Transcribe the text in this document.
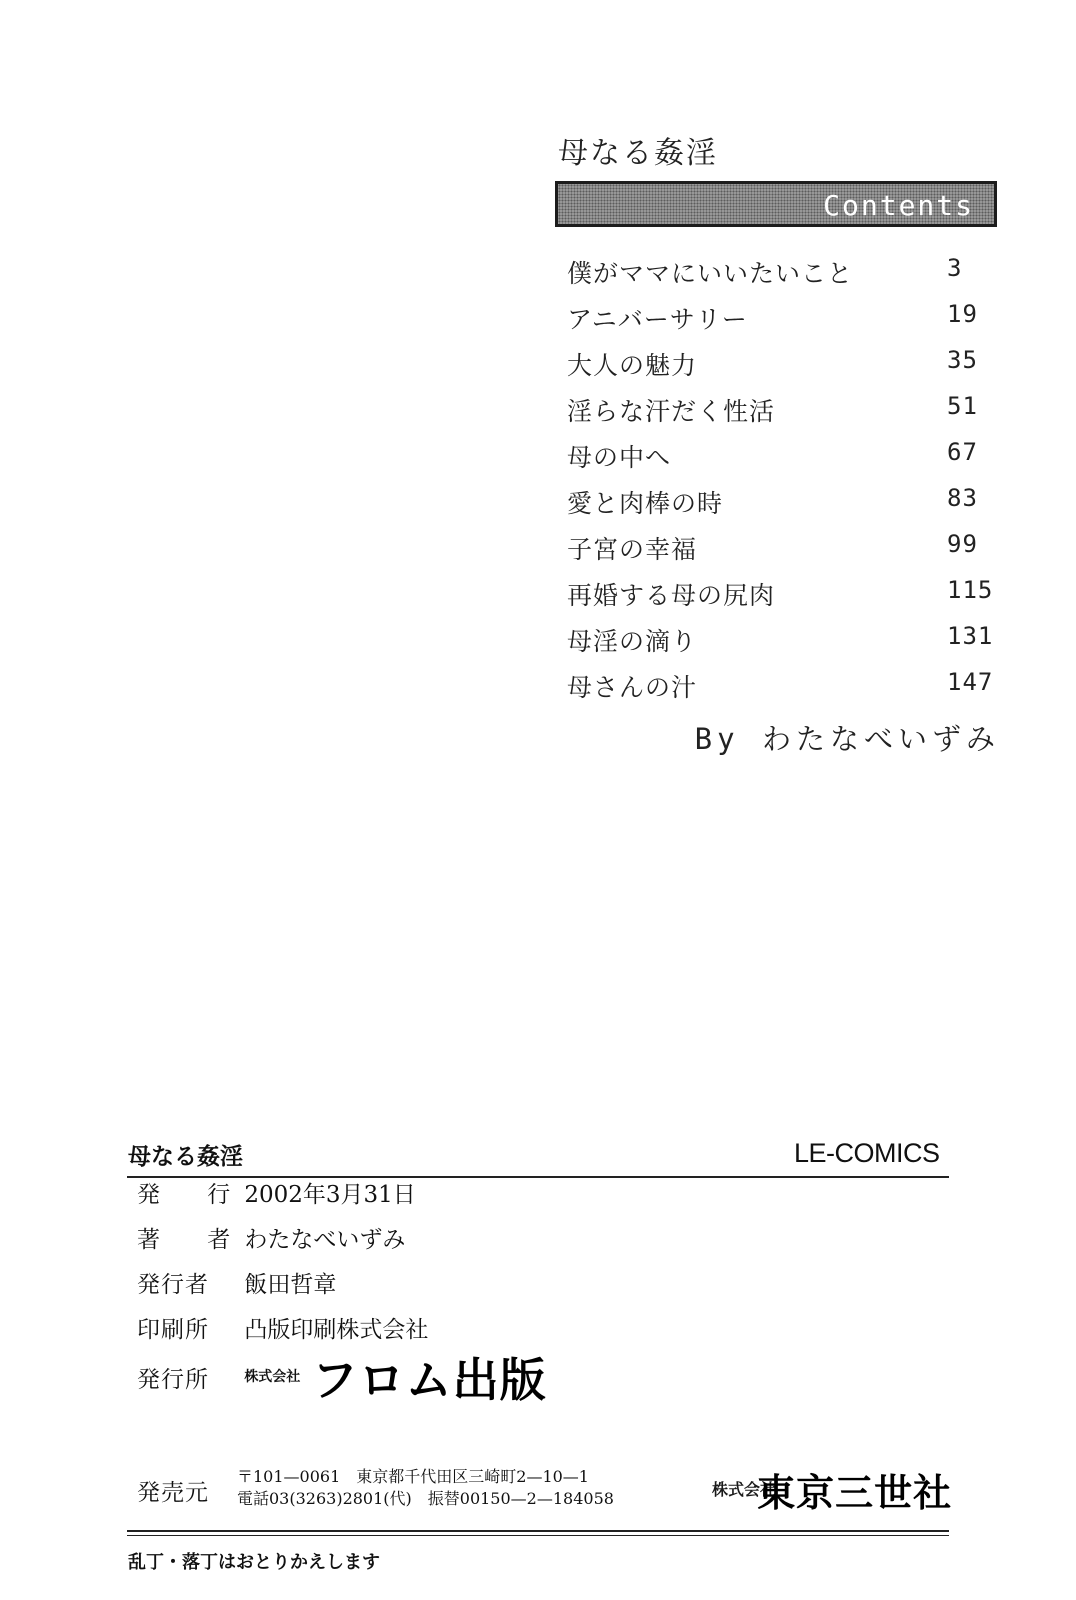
母なる姦淫
Contents
僕がママにいいたいこと	3
アニバーサリー	19
大人の魅力	35
淫らな汗だく性活	51
母の中へ	67
愛と肉棒の時	83
子宮の幸福	99
再婚する母の尻肉	115
母淫の滴り	131
母さんの汁	147
By わたなべいずみ
母なる姦淫	LE-COMICS
発 行 2002年3月31日
著 者 わたなべいずみ
発行者 飯田哲章
印刷所 凸版印刷株式会社
発行所	株式会社 フロム出版
発売元
〒101—0061　東京都千代田区三崎町2—10—1
電話03(3263)2801(代)　振替00150—2—184058	株式会社 東京三世社
乱丁・落丁はおとりかえします
